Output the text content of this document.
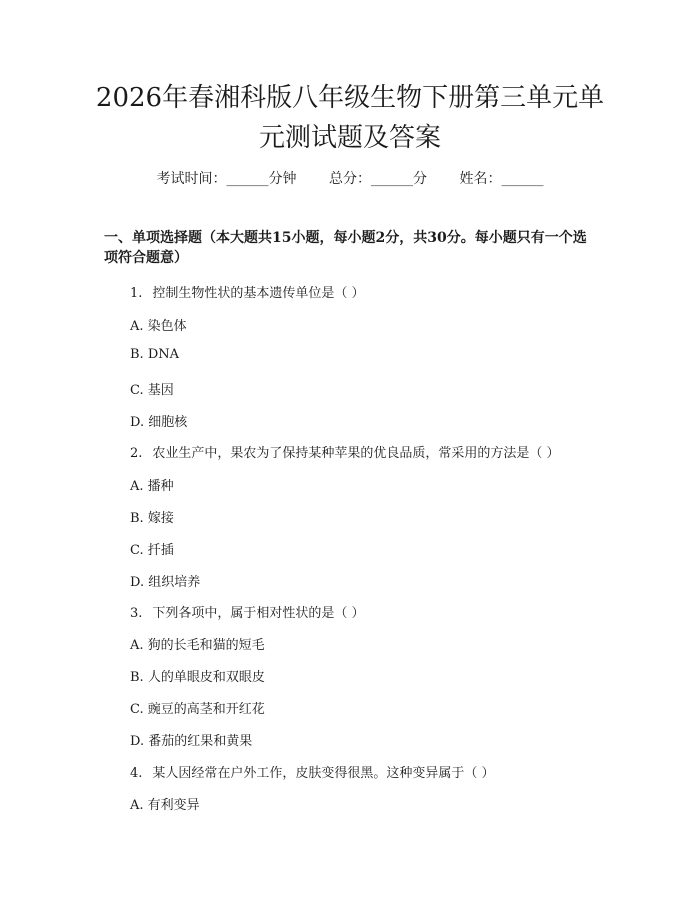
2026年春湘科版八年级生物下册第三单元单
元测试题及答案
考试时间：______分钟 总分：______分 姓名：______
一、单项选择题（本大题共15小题，每小题2分，共30分。每小题只有一个选
项符合题意）
1. 控制生物性状的基本遗传单位是（ ）
A. 染色体
B. DNA
C. 基因
D. 细胞核
2. 农业生产中，果农为了保持某种苹果的优良品质，常采用的方法是（ ）
A. 播种
B. 嫁接
C. 扦插
D. 组织培养
3. 下列各项中，属于相对性状的是（ ）
A. 狗的长毛和猫的短毛
B. 人的单眼皮和双眼皮
C. 豌豆的高茎和开红花
D. 番茄的红果和黄果
4. 某人因经常在户外工作，皮肤变得很黑。这种变异属于（ ）
A. 有利变异
